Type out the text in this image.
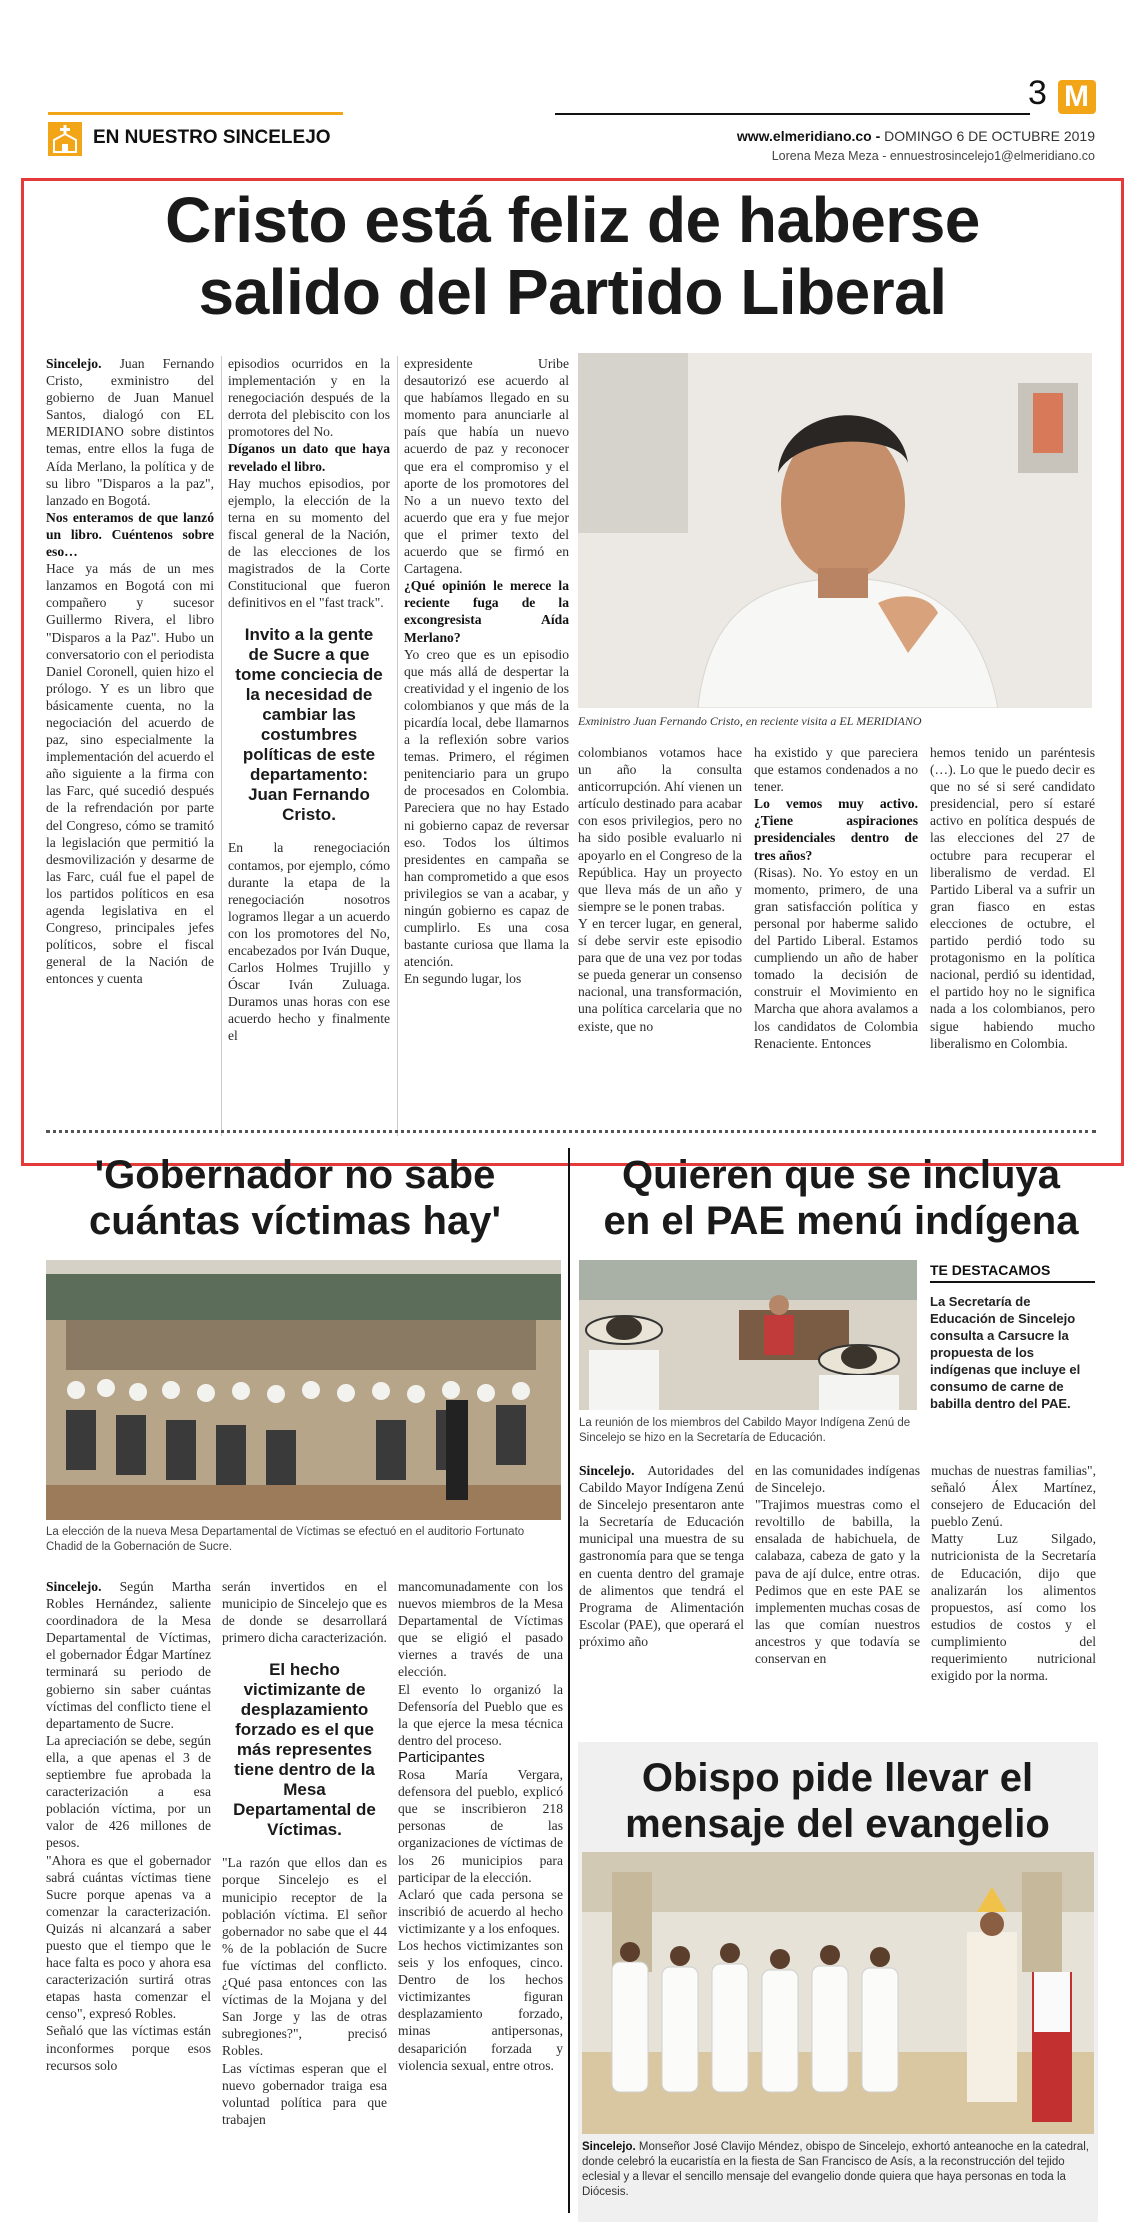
EN NUESTRO SINCELEJO
3 M
www.elmeridiano.co - DOMINGO 6 DE OCTUBRE 2019
Lorena Meza Meza - ennuestrosincelejo1@elmeridiano.co
Cristo está feliz de haberse
salido del Partido Liberal
Exministro Juan Fernando Cristo, en reciente visita a EL MERIDIANO

Sincelejo. Juan Fernando Cristo, exministro del gobierno de Juan Manuel Santos, dialogó con EL MERIDIANO sobre distintos temas, entre ellos la fuga de Aída Merlano, la política y de su libro "Disparos a la paz", lanzado en Bogotá.

Nos enteramos de que lanzó un libro. Cuéntenos sobre eso…

Hace ya más de un mes lanzamos en Bogotá con mi compañero y sucesor Guillermo Rivera, el libro "Disparos a la Paz". Hubo un conversatorio con el periodista Daniel Coronell, quien hizo el prólogo. Y es un libro que básicamente cuenta, no la negociación del acuerdo de paz, sino especialmente la implementación del acuerdo el año siguiente a la firma con las Farc, qué sucedió después de la refrendación por parte del Congreso, cómo se tramitó la legislación que permitió la desmovilización y desarme de las Farc, cuál fue el papel de los partidos políticos en esa agenda legislativa en el Congreso, principales jefes políticos, sobre el fiscal general de la Nación de entonces y cuenta

episodios ocurridos en la implementación y en la renegociación después de la derrota del plebiscito con los promotores del No.

Díganos un dato que haya revelado el libro.

Hay muchos episodios, por ejemplo, la elección de la terna en su momento del fiscal general de la Nación, de las elecciones de los magistrados de la Corte Constitucional que fueron definitivos en el "fast track".

Invito a la gente de Sucre a que tome conciecia de la necesidad de cambiar las costumbres políticas de este departamento: Juan Fernando Cristo.

En la renegociación contamos, por ejemplo, cómo durante la etapa de la renegociación nosotros logramos llegar a un acuerdo con los promotores del No, encabezados por Iván Duque, Carlos Holmes Trujillo y Óscar Iván Zuluaga. Duramos unas horas con ese acuerdo hecho y finalmente el

expresidente Uribe desautorizó ese acuerdo al que habíamos llegado en su momento para anunciarle al país que había un nuevo acuerdo de paz y reconocer que era el compromiso y el aporte de los promotores del No a un nuevo texto del acuerdo que era y fue mejor que el primer texto del acuerdo que se firmó en Cartagena.

¿Qué opinión le merece la reciente fuga de la excongresista Aída Merlano?

Yo creo que es un episodio que más allá de despertar la creatividad y el ingenio de los colombianos y que más de la picardía local, debe llamarnos a la reflexión sobre varios temas. Primero, el régimen penitenciario para un grupo de procesados en Colombia. Pareciera que no hay Estado ni gobierno capaz de reversar eso. Todos los últimos presidentes en campaña se han comprometido a que esos privilegios se van a acabar, y ningún gobierno es capaz de cumplirlo. Es una cosa bastante curiosa que llama la atención.

En segundo lugar, los

colombianos votamos hace un año la consulta anticorrupción. Ahí vienen un artículo destinado para acabar con esos privilegios, pero no ha sido posible evaluarlo ni apoyarlo en el Congreso de la República. Hay un proyecto que lleva más de un año y siempre se le ponen trabas.

Y en tercer lugar, en general, sí debe servir este episodio para que de una vez por todas se pueda generar un consenso nacional, una transformación, una política carcelaria que no existe, que no

ha existido y que pareciera que estamos condenados a no tener.

Lo vemos muy activo. ¿Tiene aspiraciones presidenciales dentro de tres años?

(Risas). No. Yo estoy en un momento, primero, de una gran satisfacción política y personal por haberme salido del Partido Liberal. Estamos cumpliendo un año de haber tomado la decisión de construir el Movimiento en Marcha que ahora avalamos a los candidatos de Colombia Renaciente. Entonces

hemos tenido un paréntesis (…). Lo que le puedo decir es que no sé si seré candidato presidencial, pero sí estaré activo en política después de las elecciones del 27 de octubre para recuperar el liberalismo de verdad. El Partido Liberal va a sufrir un gran fiasco en estas elecciones de octubre, el partido perdió todo su protagonismo en la política nacional, perdió su identidad, el partido hoy no le significa nada a los colombianos, pero sigue habiendo mucho liberalismo en Colombia.

'Gobernador no sabe
cuántas víctimas hay'
La elección de la nueva Mesa Departamental de Víctimas se efectuó en el auditorio Fortunato Chadid de la Gobernación de Sucre.

Sincelejo. Según Martha Robles Hernández, saliente coordinadora de la Mesa Departamental de Víctimas, el gobernador Édgar Martínez terminará su periodo de gobierno sin saber cuántas víctimas del conflicto tiene el departamento de Sucre.

La apreciación se debe, según ella, a que apenas el 3 de septiembre fue aprobada la caracterización a esa población víctima, por un valor de 426 millones de pesos.

"Ahora es que el gobernador sabrá cuántas víctimas tiene Sucre porque apenas va a comenzar la caracterización. Quizás ni alcanzará a saber puesto que el tiempo que le hace falta es poco y ahora esa caracterización surtirá otras etapas hasta comenzar el censo", expresó Robles.

Señaló que las víctimas están inconformes porque esos recursos solo

serán invertidos en el municipio de Sincelejo que es de donde se desarrollará primero dicha caracterización.

El hecho victimizante de desplazamiento forzado es el que más representes tiene dentro de la Mesa Departamental de Víctimas.

"La razón que ellos dan es porque Sincelejo es el municipio receptor de la población víctima. El señor gobernador no sabe que el 44 % de la población de Sucre fue víctimas del conflicto. ¿Qué pasa entonces con las víctimas de la Mojana y del San Jorge y las de otras subregiones?", precisó Robles.

Las víctimas esperan que el nuevo gobernador traiga esa voluntad política para que trabajen

mancomunadamente con los nuevos miembros de la Mesa Departamental de Víctimas que se eligió el pasado viernes a través de una elección.

El evento lo organizó la Defensoría del Pueblo que es la que ejerce la mesa técnica dentro del proceso.

Participantes

Rosa María Vergara, defensora del pueblo, explicó que se inscribieron 218 personas de las organizaciones de víctimas de los 26 municipios para participar de la elección.

Aclaró que cada persona se inscribió de acuerdo al hecho victimizante y a los enfoques.

Los hechos victimizantes son seis y los enfoques, cinco. Dentro de los hechos victimizantes figuran desplazamiento forzado, minas antipersonas, desaparición forzada y violencia sexual, entre otros.

Quieren que se incluya
en el PAE menú indígena
La reunión de los miembros del Cabildo Mayor Indígena Zenú de Sincelejo se hizo en la Secretaría de Educación.
TE DESTACAMOS
La Secretaría de Educación de Sincelejo consulta a Carsucre la propuesta de los indígenas que incluye el consumo de carne de babilla dentro del PAE.

Sincelejo. Autoridades del Cabildo Mayor Indígena Zenú de Sincelejo presentaron ante la Secretaría de Educación municipal una muestra de su gastronomía para que se tenga en cuenta dentro del gramaje de alimentos que tendrá el Programa de Alimentación Escolar (PAE), que operará el próximo año

en las comunidades indígenas de Sincelejo.

"Trajimos muestras como el revoltillo de babilla, la ensalada de habichuela, de calabaza, cabeza de gato y la pava de ají dulce, entre otras. Pedimos que en este PAE se implementen muchas cosas de las que comían nuestros ancestros y que todavía se conservan en

muchas de nuestras familias", señaló Álex Martínez, consejero de Educación del pueblo Zenú.

Matty Luz Silgado, nutricionista de la Secretaría de Educación, dijo que analizarán los alimentos propuestos, así como los estudios de costos y el cumplimiento del requerimiento nutricional exigido por la norma.

Obispo pide llevar el
mensaje del evangelio
Sincelejo. Monseñor José Clavijo Méndez, obispo de Sincelejo, exhortó anteanoche en la catedral, donde celebró la eucaristía en la fiesta de San Francisco de Asís, a la reconstrucción del tejido eclesial y a llevar el sencillo mensaje del evangelio donde quiera que haya personas en toda la Diócesis.
